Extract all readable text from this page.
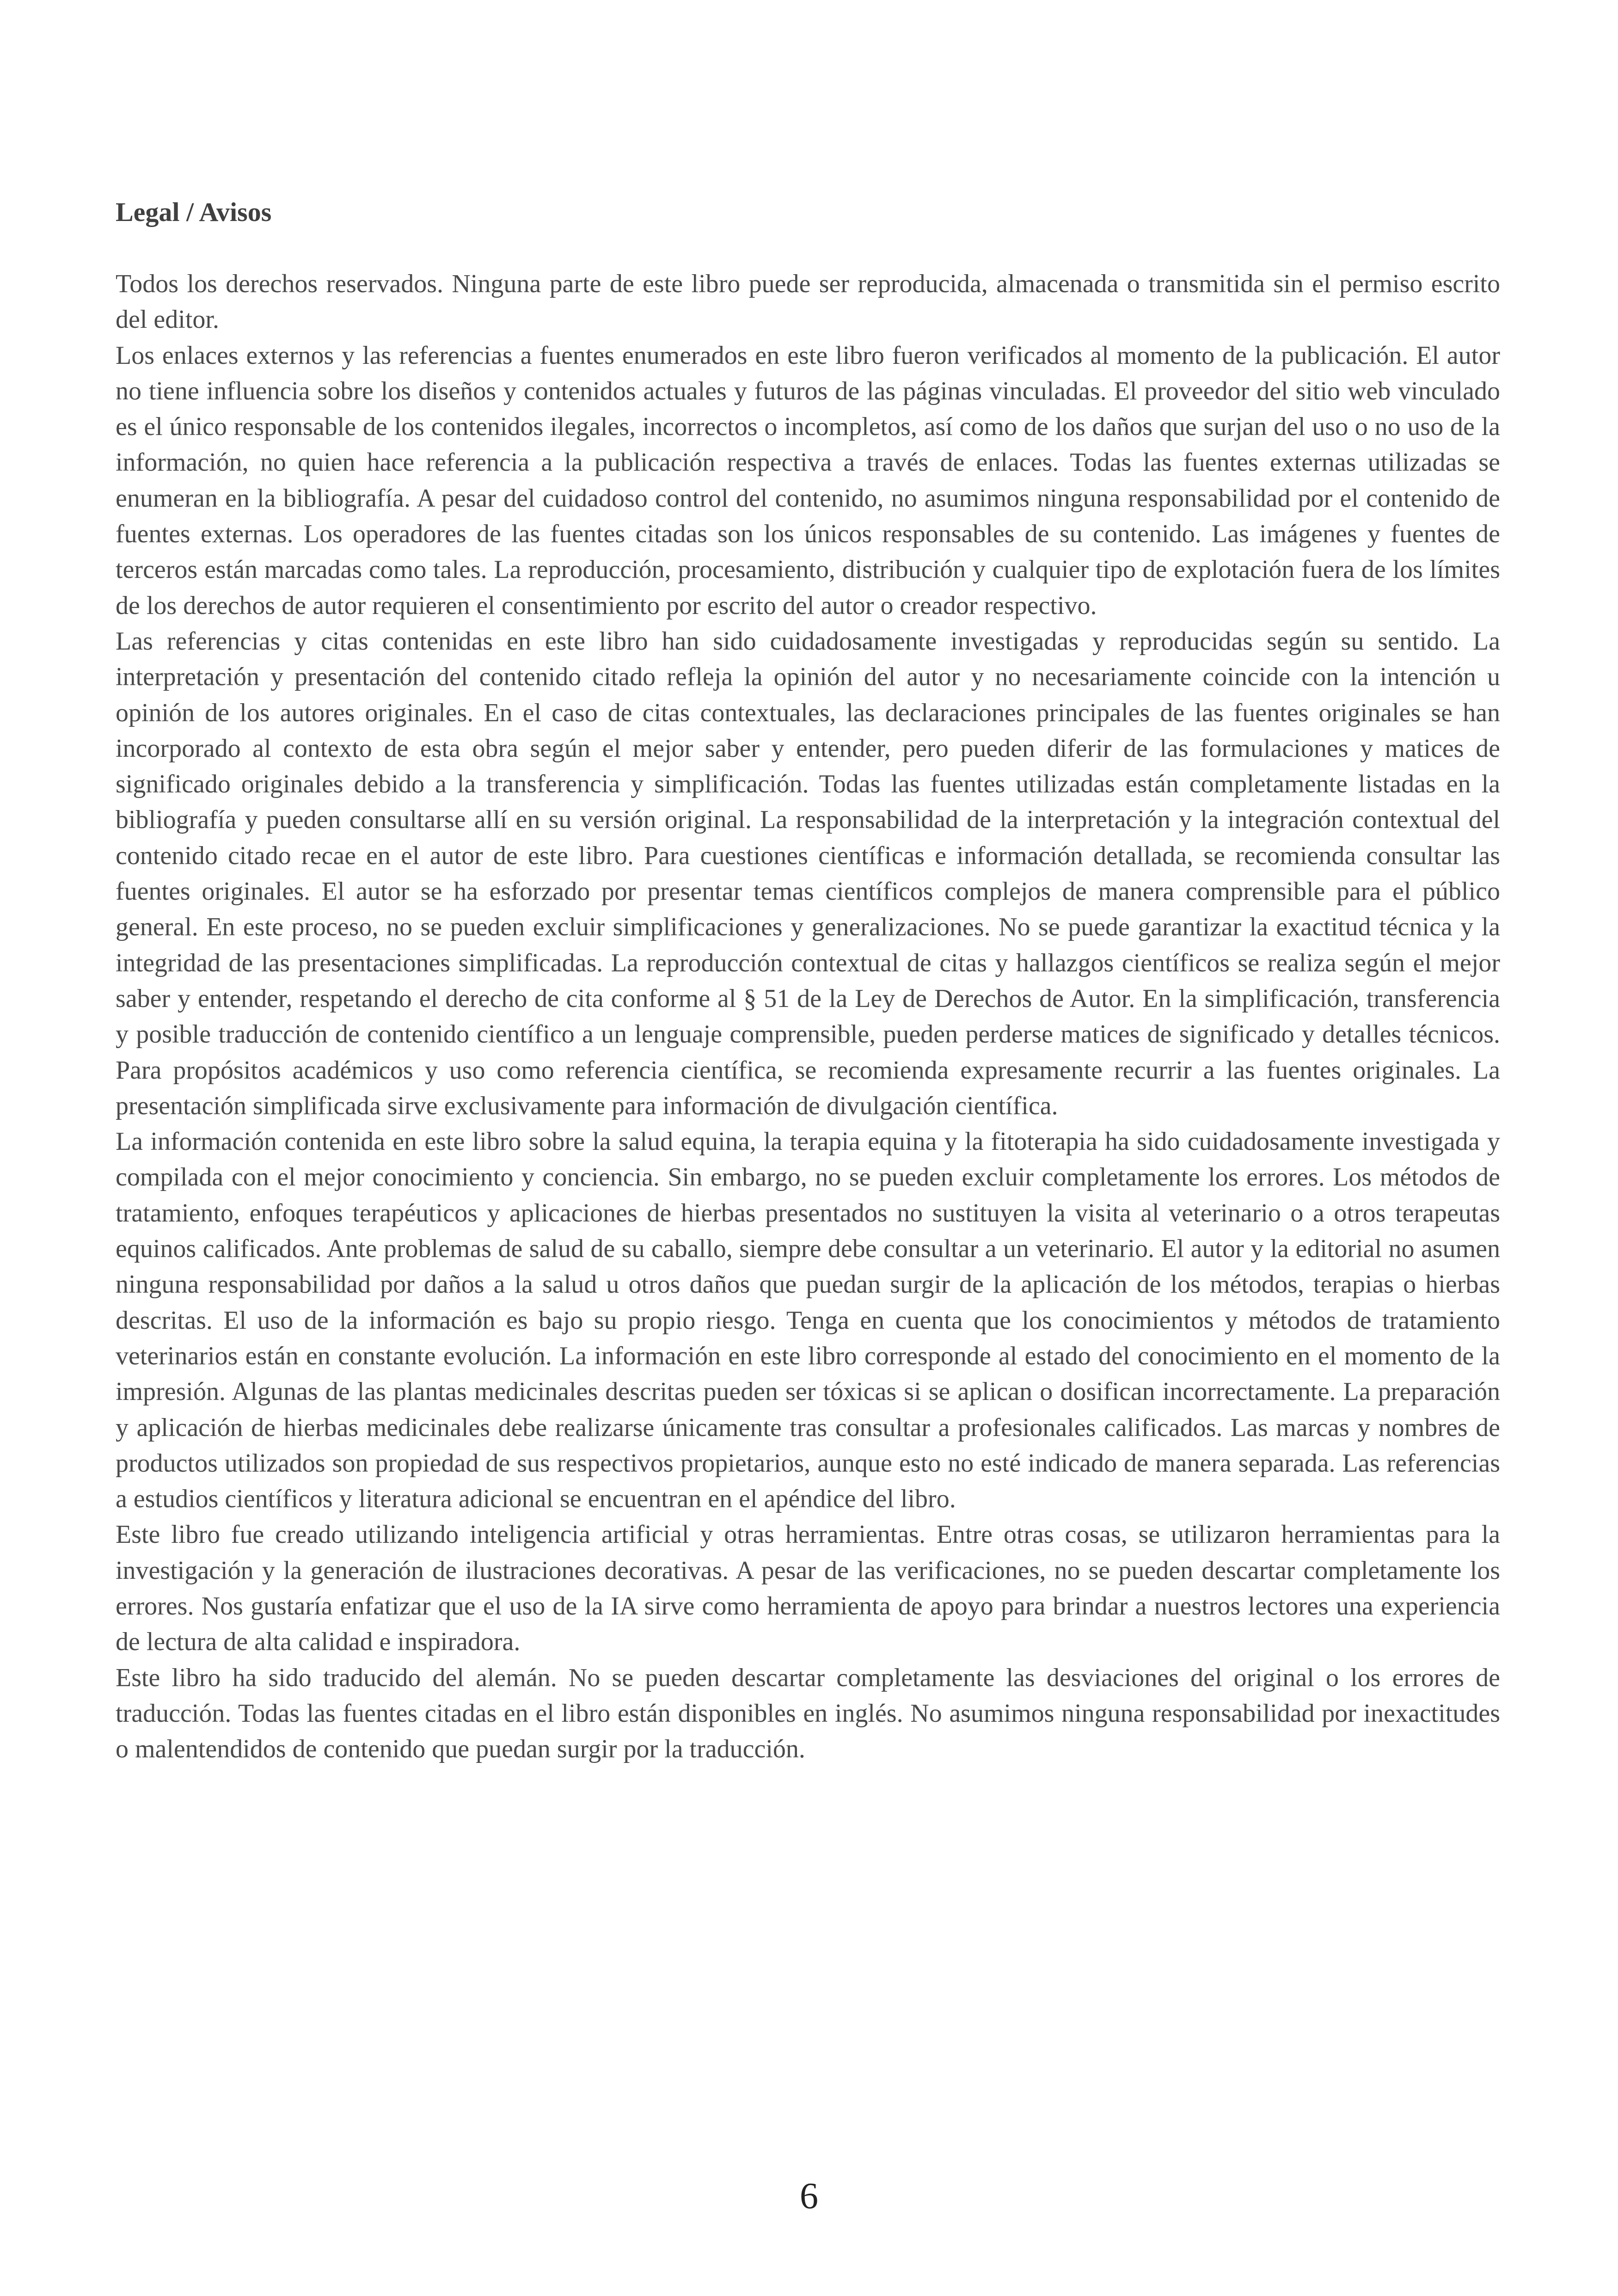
Legal / Avisos

Todos los derechos reservados. Ninguna parte de este libro puede ser reproducida, almacenada o transmitida sin el permiso escrito del editor.

Los enlaces externos y las referencias a fuentes enumerados en este libro fueron verificados al momento de la publicación. El autor no tiene influencia sobre los diseños y contenidos actuales y futuros de las páginas vinculadas. El proveedor del sitio web vinculado es el único responsable de los contenidos ilegales, incorrectos o incompletos, así como de los daños que surjan del uso o no uso de la información, no quien hace referencia a la publicación respectiva a través de enlaces. Todas las fuentes externas utilizadas se enumeran en la bibliografía. A pesar del cuidadoso control del contenido, no asumimos ninguna responsabilidad por el contenido de fuentes externas. Los operadores de las fuentes citadas son los únicos responsables de su contenido. Las imágenes y fuentes de terceros están marcadas como tales. La reproducción, procesamiento, distribución y cualquier tipo de explotación fuera de los límites de los derechos de autor requieren el consentimiento por escrito del autor o creador respectivo.

Las referencias y citas contenidas en este libro han sido cuidadosamente investigadas y reproducidas según su sentido. La interpretación y presentación del contenido citado refleja la opinión del autor y no necesariamente coincide con la intención u opinión de los autores originales. En el caso de citas contextuales, las declaraciones principales de las fuentes originales se han incorporado al contexto de esta obra según el mejor saber y entender, pero pueden diferir de las formulaciones y matices de significado originales debido a la transferencia y simplificación. Todas las fuentes utilizadas están completamente listadas en la bibliografía y pueden consultarse allí en su versión original. La responsabilidad de la interpretación y la integración contextual del contenido citado recae en el autor de este libro. Para cuestiones científicas e información detallada, se recomienda consultar las fuentes originales. El autor se ha esforzado por presentar temas científicos complejos de manera comprensible para el público general. En este proceso, no se pueden excluir simplificaciones y generalizaciones. No se puede garantizar la exactitud técnica y la integridad de las presentaciones simplificadas. La reproducción contextual de citas y hallazgos científicos se realiza según el mejor saber y entender, respetando el derecho de cita conforme al § 51 de la Ley de Derechos de Autor. En la simplificación, transferencia y posible traducción de contenido científico a un lenguaje comprensible, pueden perderse matices de significado y detalles técnicos. Para propósitos académicos y uso como referencia científica, se recomienda expresamente recurrir a las fuentes originales. La presentación simplificada sirve exclusivamente para información de divulgación científica.

La información contenida en este libro sobre la salud equina, la terapia equina y la fitoterapia ha sido cuidadosamente investigada y compilada con el mejor conocimiento y conciencia. Sin embargo, no se pueden excluir completamente los errores. Los métodos de tratamiento, enfoques terapéuticos y aplicaciones de hierbas presentados no sustituyen la visita al veterinario o a otros terapeutas equinos calificados. Ante problemas de salud de su caballo, siempre debe consultar a un veterinario. El autor y la editorial no asumen ninguna responsabilidad por daños a la salud u otros daños que puedan surgir de la aplicación de los métodos, terapias o hierbas descritas. El uso de la información es bajo su propio riesgo. Tenga en cuenta que los conocimientos y métodos de tratamiento veterinarios están en constante evolución. La información en este libro corresponde al estado del conocimiento en el momento de la impresión. Algunas de las plantas medicinales descritas pueden ser tóxicas si se aplican o dosifican incorrectamente. La preparación y aplicación de hierbas medicinales debe realizarse únicamente tras consultar a profesionales calificados. Las marcas y nombres de productos utilizados son propiedad de sus respectivos propietarios, aunque esto no esté indicado de manera separada. Las referencias a estudios científicos y literatura adicional se encuentran en el apéndice del libro.

Este libro fue creado utilizando inteligencia artificial y otras herramientas. Entre otras cosas, se utilizaron herramientas para la investigación y la generación de ilustraciones decorativas. A pesar de las verificaciones, no se pueden descartar completamente los errores. Nos gustaría enfatizar que el uso de la IA sirve como herramienta de apoyo para brindar a nuestros lectores una experiencia de lectura de alta calidad e inspiradora.

Este libro ha sido traducido del alemán. No se pueden descartar completamente las desviaciones del original o los errores de traducción. Todas las fuentes citadas en el libro están disponibles en inglés. No asumimos ninguna responsabilidad por inexactitudes o malentendidos de contenido que puedan surgir por la traducción.

6
